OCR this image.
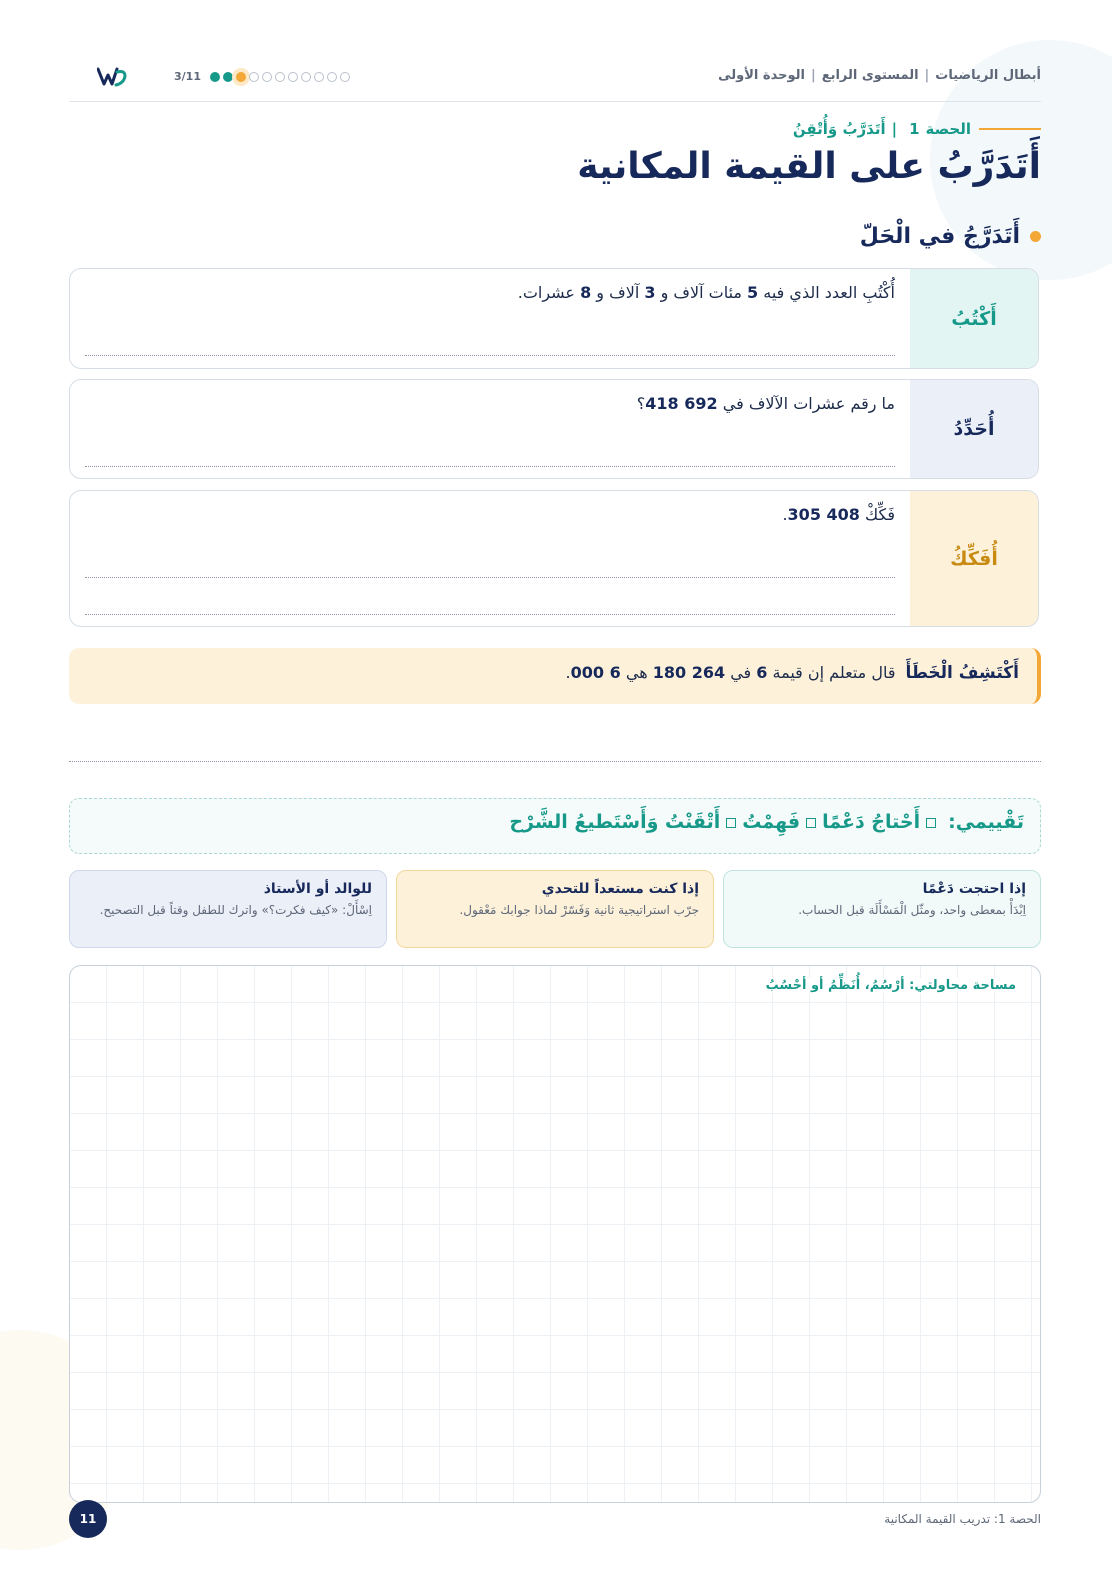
أبطال الرياضيات|المستوى الرابع|الوحدة الأولى
3/11
الحصة1|أَتَدَرَّبُ وَأُتْقِنُ
أَتَدَرَّبُ على القيمة المكانية
أَتَدَرَّجُ في الْحَلّ
أَكْتُبُ
أُكْتُبِ العدد الذي فيه 5 مئات آلاف و 3 آلاف و 8 عشرات.
أُحَدِّدُ
ما رقم عشرات الآلاف في 692 418؟
أُفَكِّكُ
فَكِّكْ 408 305.
أَكْتَشِفُ الْخَطَأَقال متعلم إن قيمة 6 في 264 180 هي 6 000.
تَقْييمي:أَحْتاجُ دَعْمًافَهِمْتُأَتْقَنْتُ وَأَسْتَطيعُ الشَّرْح
إذا احتجت دَعْمًا
اِبْدَأْ بمعطى واحد، ومثّل الْمَسْأَلَة قبل الحساب.
إذا كنت مستعداً للتحدي
جرّب استراتيجية ثانية وَفَسّرْ لماذا جوابك مَعْقول.
للوالد أو الأستاذ
اِسْأَلْ: «كيف فكرت؟» واترك للطفل وقتاً قبل التصحيح.
مساحة محاولتي: أرْسُمُ، أُنَظِّمُ أو أحْسُبُ
11	الحصة 1: تدريب القيمة المكانية
